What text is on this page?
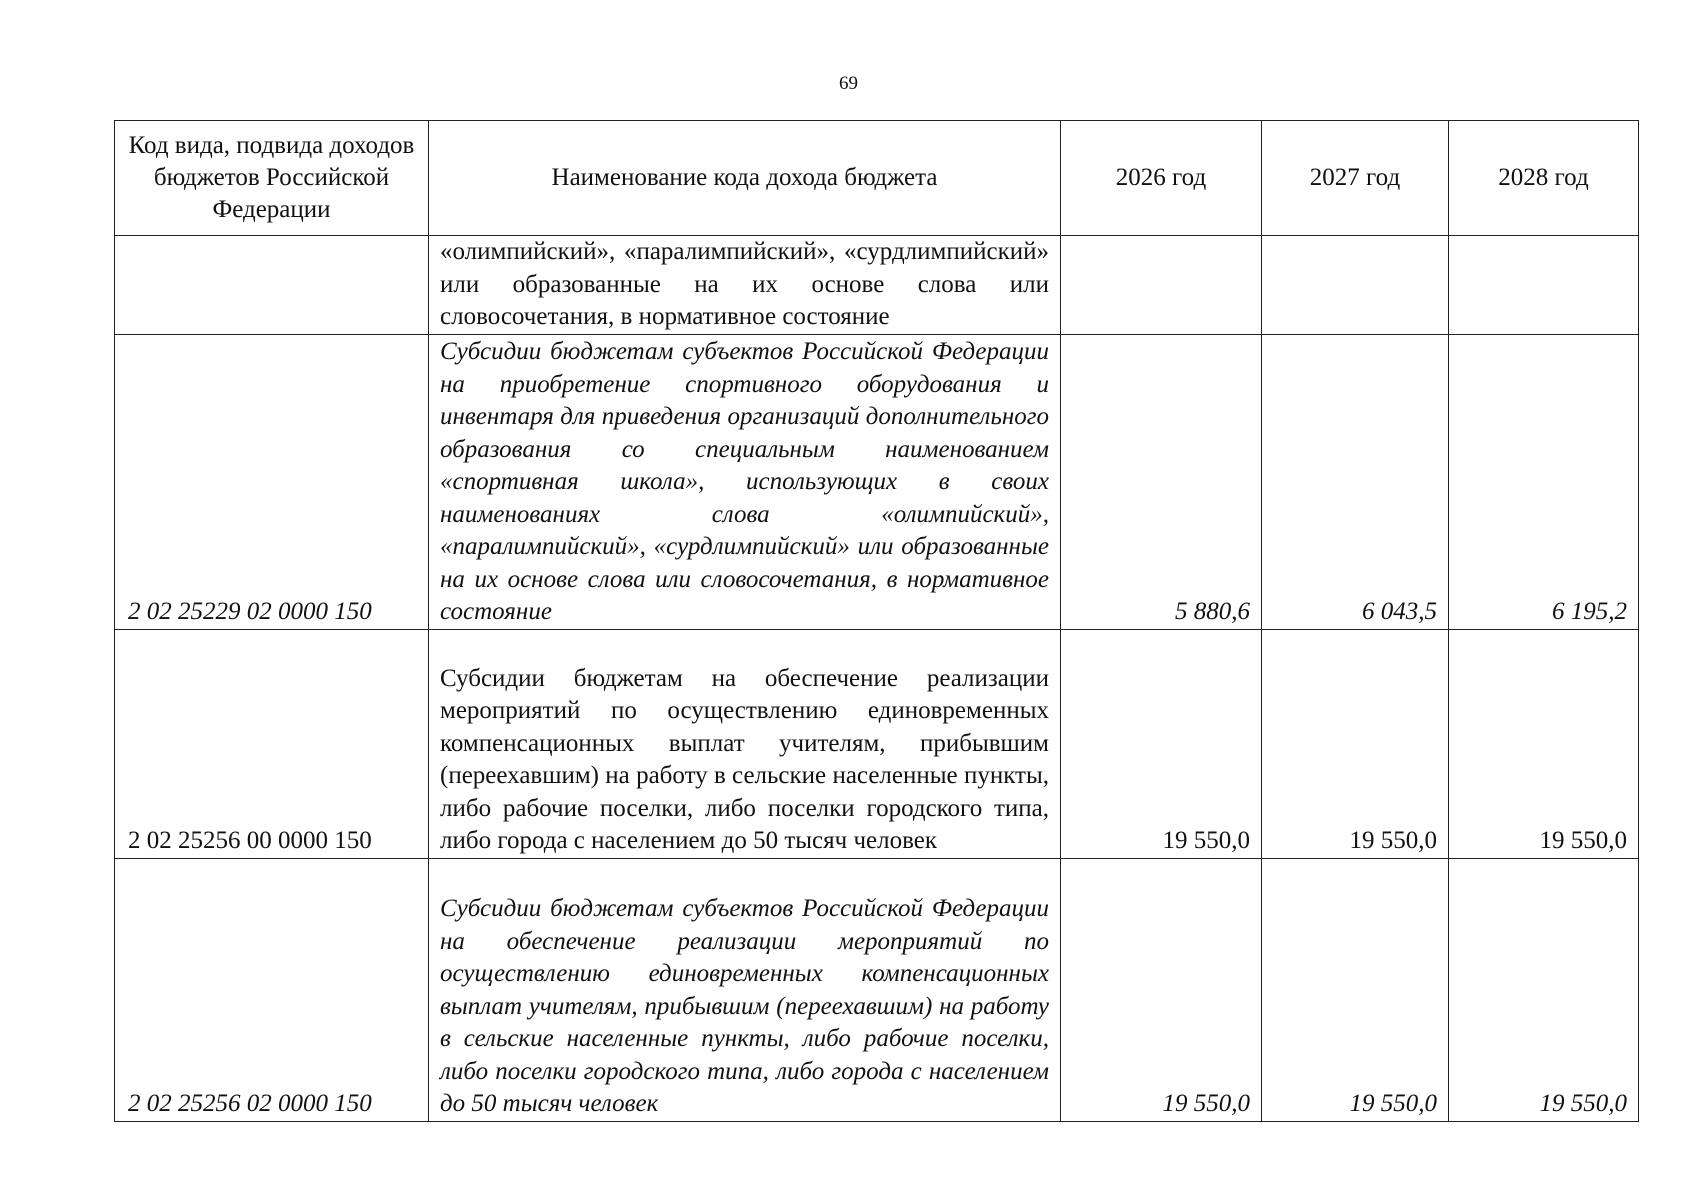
69
Код вида, подвида доходов бюджетов Российской Федерации	Наименование кода дохода бюджета	2026 год	2027 год	2028 год
	«олимпийский», «паралимпийский», «сурдлимпийский» или образованные на их основе слова или словосочетания, в нормативное состояние			
2 02 25229 02 0000 150	Субсидии бюджетам субъектов Российской Федерации на приобретение спортивного оборудования и инвентаря для приведения организаций дополнительного образования со специальным наименованием «спортивная школа», использующих в своих наименованиях слова «олимпийский», «паралимпийский», «сурдлимпийский» или образованные на их основе слова или словосочетания, в нормативное состояние	5 880,6	6 043,5	6 195,2
2 02 25256 00 0000 150	Субсидии бюджетам на обеспечение реализации мероприятий по осуществлению единовременных компенсационных выплат учителям, прибывшим (переехавшим) на работу в сельские населенные пункты, либо рабочие поселки, либо поселки городского типа, либо города с населением до 50 тысяч человек	19 550,0	19 550,0	19 550,0
2 02 25256 02 0000 150	Субсидии бюджетам субъектов Российской Федерации на обеспечение реализации мероприятий по осуществлению единовременных компенсационных выплат учителям, прибывшим (переехавшим) на работу в сельские населенные пункты, либо рабочие поселки, либо поселки городского типа, либо города с населением до 50 тысяч человек	19 550,0	19 550,0	19 550,0
